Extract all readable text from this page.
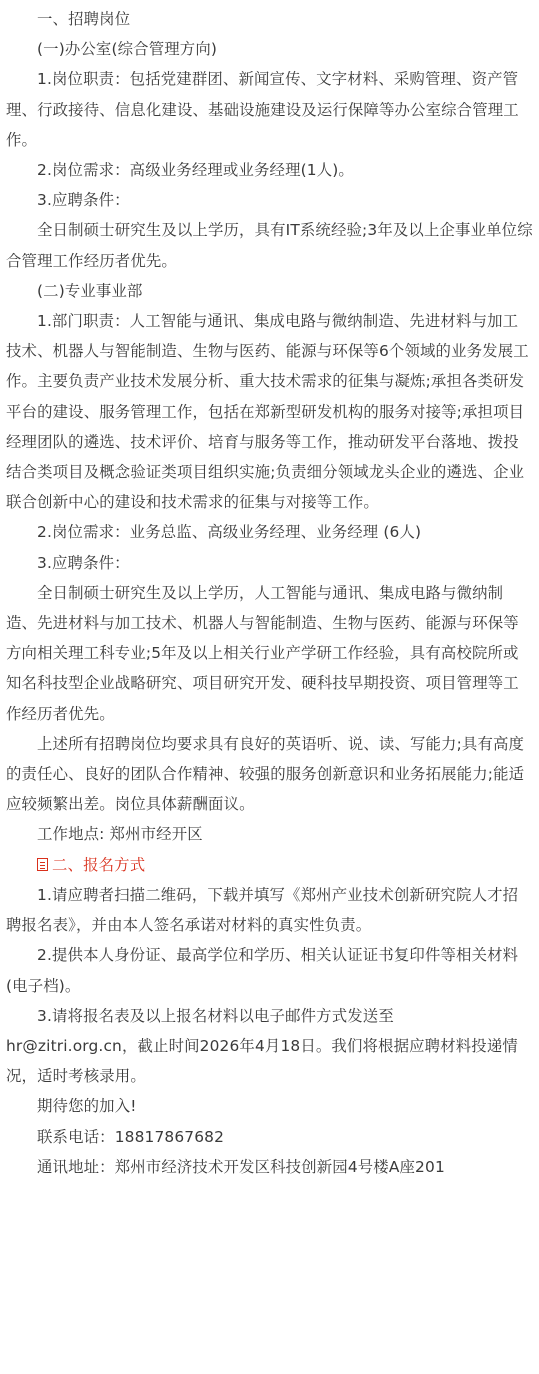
一、招聘岗位

(一)办公室(综合管理方向)

1.岗位职责：包括党建群团、新闻宣传、文字材料、采购管理、资产管理、行政接待、信息化建设、基础设施建设及运行保障等办公室综合管理工作。

2.岗位需求：高级业务经理或业务经理(1人)。

3.应聘条件：

全日制硕士研究生及以上学历，具有IT系统经验;3年及以上企事业单位综合管理工作经历者优先。

(二)专业事业部

1.部门职责：人工智能与通讯、集成电路与微纳制造、先进材料与加工技术、机器人与智能制造、生物与医药、能源与环保等6个领域的业务发展工作。主要负责产业技术发展分析、重大技术需求的征集与凝炼;承担各类研发平台的建设、服务管理工作，包括在郑新型研发机构的服务对接等;承担项目经理团队的遴选、技术评价、培育与服务等工作，推动研发平台落地、拨投结合类项目及概念验证类项目组织实施;负责细分领域龙头企业的遴选、企业联合创新中心的建设和技术需求的征集与对接等工作。

2.岗位需求：业务总监、高级业务经理、业务经理 (6人)

3.应聘条件：

全日制硕士研究生及以上学历，人工智能与通讯、集成电路与微纳制造、先进材料与加工技术、机器人与智能制造、生物与医药、能源与环保等方向相关理工科专业;5年及以上相关行业产学研工作经验，具有高校院所或知名科技型企业战略研究、项目研究开发、硬科技早期投资、项目管理等工作经历者优先。

上述所有招聘岗位均要求具有良好的英语听、说、读、写能力;具有高度的责任心、良好的团队合作精神、较强的服务创新意识和业务拓展能力;能适应较频繁出差。岗位具体薪酬面议。

工作地点: 郑州市经开区

二、报名方式

1.请应聘者扫描二维码，下载并填写《郑州产业技术创新研究院人才招聘报名表》，并由本人签名承诺对材料的真实性负责。

2.提供本人身份证、最高学位和学历、相关认证证书复印件等相关材料(电子档)。

3.请将报名表及以上报名材料以电子邮件方式发送至

hr@zitri.org.cn，截止时间2026年4月18日。我们将根据应聘材料投递情况，适时考核录用。

期待您的加入!

联系电话：18817867682

通讯地址：郑州市经济技术开发区科技创新园4号楼A座201
